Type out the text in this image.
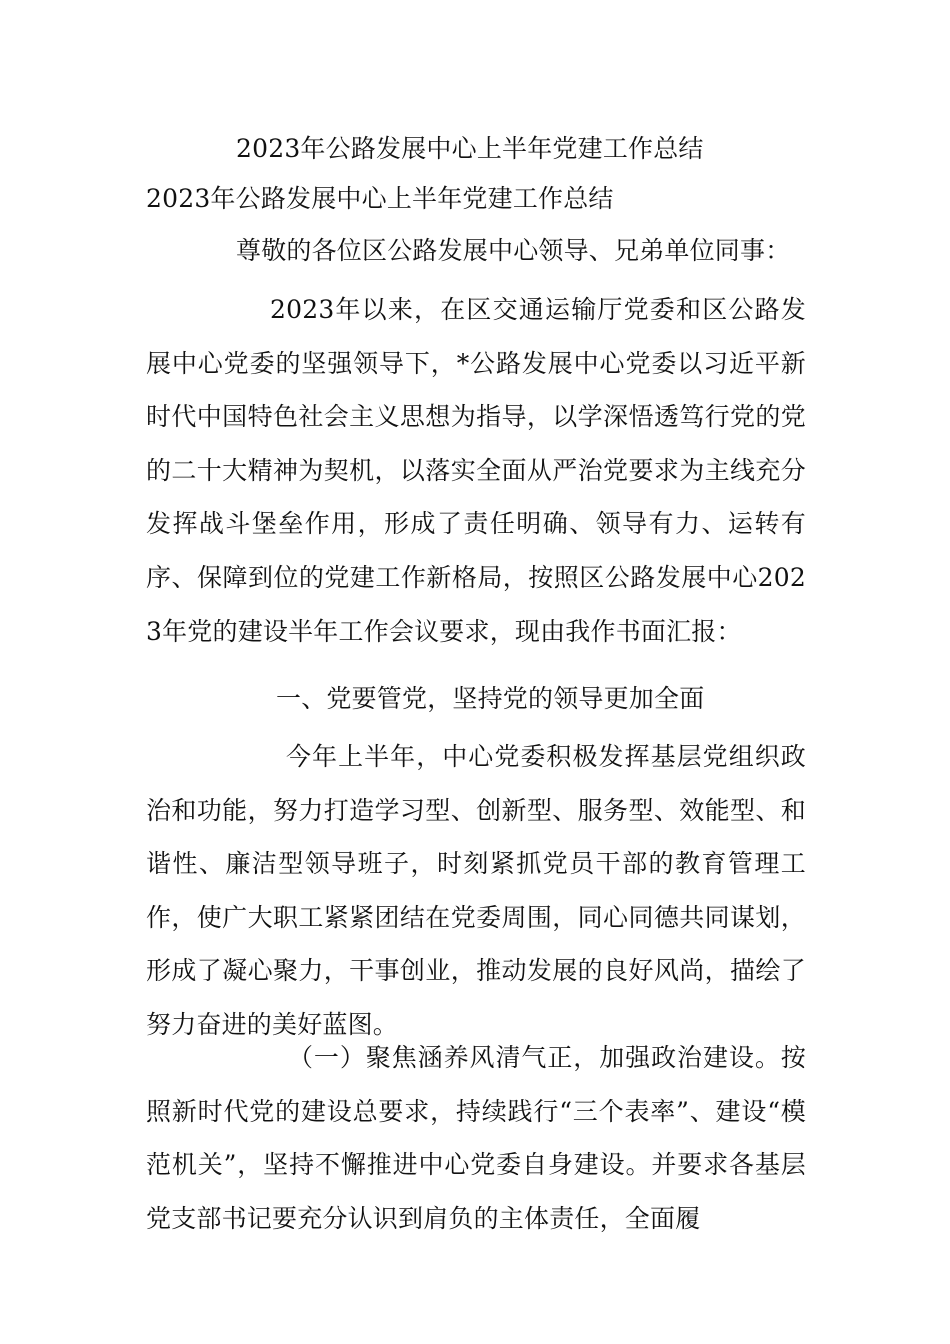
2023年公路发展中心上半年党建工作总结
2023年公路发展中心上半年党建工作总结
尊敬的各位区公路发展中心领导、兄弟单位同事：
2023年以来，在区交通运输厅党委和区公路发展中心党委的坚强领导下，*公路发展中心党委以习近平新时代中国特色社会主义思想为指导，以学深悟透笃行党的党的二十大精神为契机，以落实全面从严治党要求为主线充分发挥战斗堡垒作用，形成了责任明确、领导有力、运转有序、保障到位的党建工作新格局，按照区公路发展中心2023年党的建设半年工作会议要求，现由我作书面汇报：
一、党要管党，坚持党的领导更加全面
今年上半年，中心党委积极发挥基层党组织政治和功能，努力打造学习型、创新型、服务型、效能型、和谐性、廉洁型领导班子，时刻紧抓党员干部的教育管理工作，使广大职工紧紧团结在党委周围，同心同德共同谋划，形成了凝心聚力，干事创业，推动发展的良好风尚，描绘了努力奋进的美好蓝图。
（一）聚焦涵养风清气正，加强政治建设。按照新时代党的建设总要求，持续践行“三个表率”、建设“模范机关”，坚持不懈推进中心党委自身建设。并要求各基层党支部书记要充分认识到肩负的主体责任，全面履
